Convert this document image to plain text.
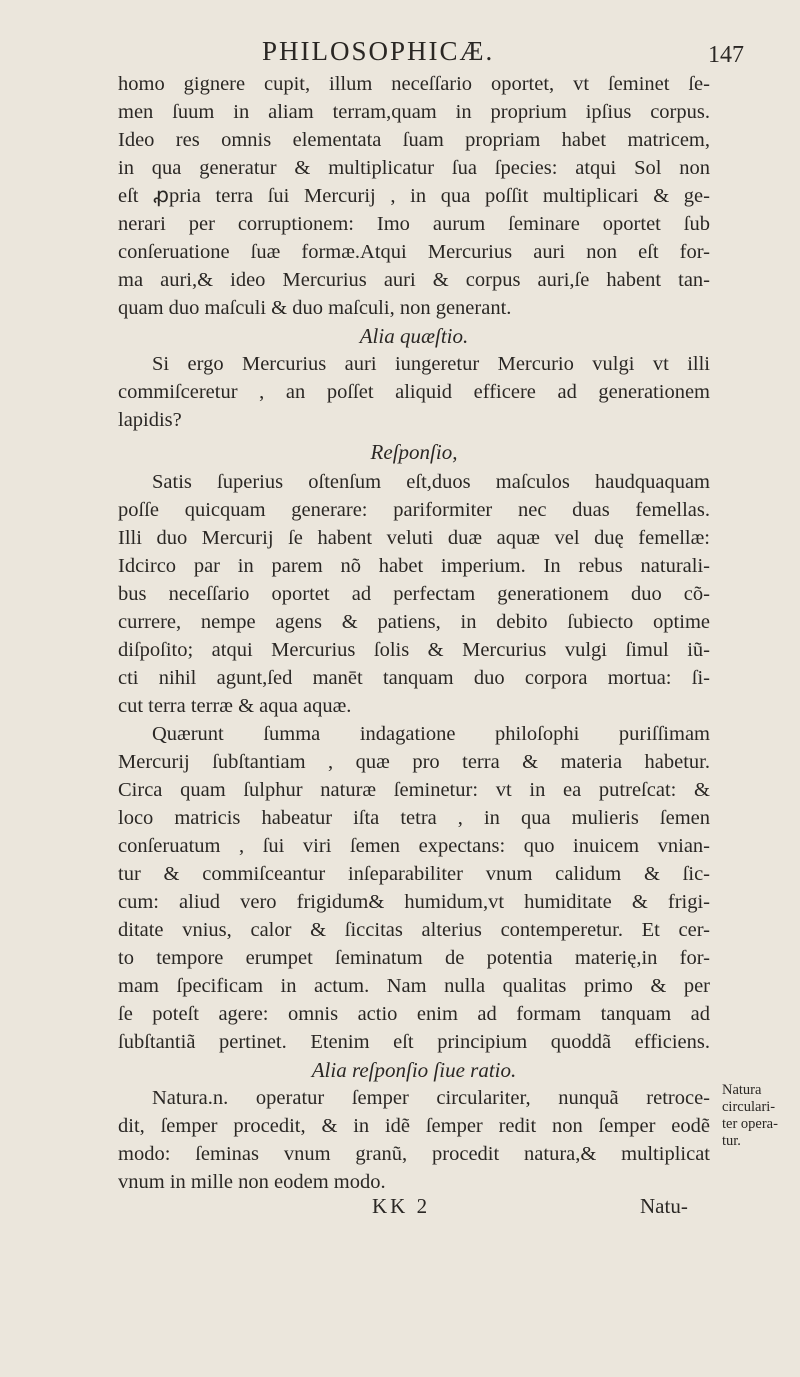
PHILOSOPHICÆ.	147
homo gignere cupit, illum neceſſario oportet, vt ſeminet ſe-
men ſuum in aliam terram,quam in proprium ipſius corpus.
Ideo res omnis elementata ſuam propriam habet matricem,
in qua generatur & multiplicatur ſua ſpecies: atqui Sol non
eſt ꝓpria terra ſui Mercurij , in qua poſſit multiplicari & ge-
nerari per corruptionem: Imo aurum ſeminare oportet ſub
conſeruatione ſuæ formæ.Atqui Mercurius auri non eſt for-
ma auri,& ideo Mercurius auri & corpus auri,ſe habent tan-
quam duo maſculi & duo maſculi, non generant.
Alia quæſtio.
Si ergo Mercurius auri iungeretur Mercurio vulgi vt illi
commiſceretur , an poſſet aliquid efficere ad generationem
lapidis?
Reſponſio,
Satis ſuperius oſtenſum eſt,duos maſculos haudquaquam
poſſe quicquam generare: pariformiter nec duas femellas.
Illi duo Mercurij ſe habent veluti duæ aquæ vel duę femellæ:
Idcirco par in parem nõ habet imperium. In rebus naturali-
bus neceſſario oportet ad perfectam generationem duo cõ-
currere, nempe agens & patiens, in debito ſubiecto optime
diſpoſito; atqui Mercurius ſolis & Mercurius vulgi ſimul iũ-
cti nihil agunt,ſed manēt tanquam duo corpora mortua: ſi-
cut terra terræ & aqua aquæ.
Quærunt ſumma indagatione philoſophi puriſſimam
Mercurij ſubſtantiam , quæ pro terra & materia habetur.
Circa quam ſulphur naturæ ſeminetur: vt in ea putreſcat: &
loco matricis habeatur iſta tetra , in qua mulieris ſemen
conſeruatum , ſui viri ſemen expectans: quo inuicem vnian-
tur & commiſceantur inſeparabiliter vnum calidum & ſic-
cum: aliud vero frigidum& humidum,vt humiditate & frigi-
ditate vnius, calor & ſiccitas alterius contemperetur. Et cer-
to tempore erumpet ſeminatum de potentia materię,in for-
mam ſpecificam in actum. Nam nulla qualitas primo & per
ſe poteſt agere: omnis actio enim ad formam tanquam ad
ſubſtantiã pertinet. Etenim eſt principium quoddã efficiens.
Alia reſponſio ſiue ratio.
Natura.n. operatur ſemper circulariter, nunquã retroce-
dit, ſemper procedit, & in idẽ ſemper redit non ſemper eodẽ
modo: ſeminas vnum granũ, procedit natura,& multiplicat
vnum in mille non eodem modo.
Natura
circulari-
ter opera-
tur.
KK 2	Natu-
